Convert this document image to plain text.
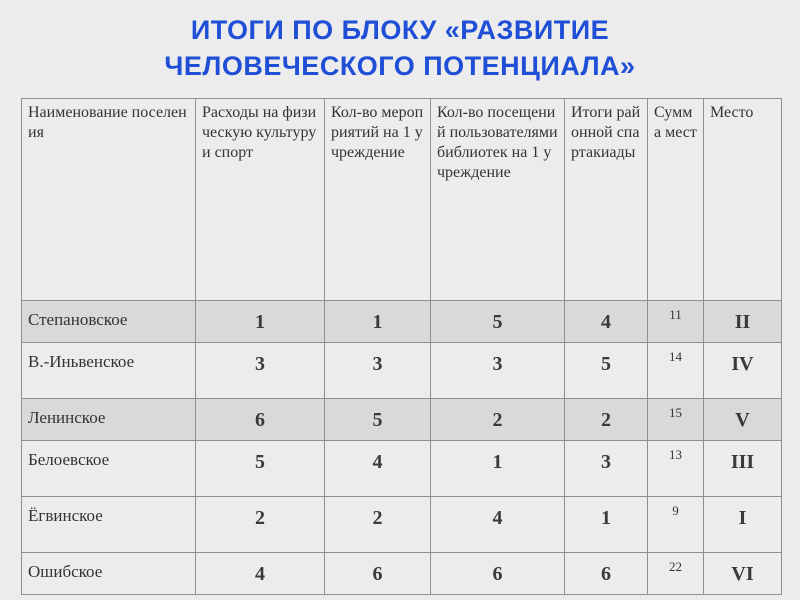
ИТОГИ ПО БЛОКУ «РАЗВИТИЕ
ЧЕЛОВЕЧЕСКОГО ПОТЕНЦИАЛА»
Наименование поселения	Расходы на физическую культуру и спорт	Кол-во мероприятий на 1 учреждение	Кол-во посещений пользователями библиотек на 1 учреждение	Итоги районной спартакиады	Сумма мест	Место
Степановское	1	1	5	4	11	II
В.-Иньвенское	3	3	3	5	14	IV
Ленинское	6	5	2	2	15	V
Белоевское	5	4	1	3	13	III
Ёгвинское	2	2	4	1	9	I
Ошибское	4	6	6	6	22	VI
